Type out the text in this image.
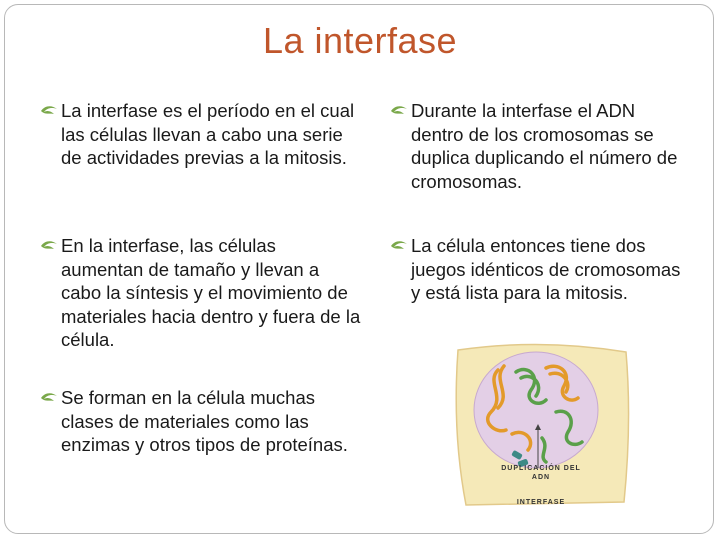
La interfase
La interfase es el período en el cual las células llevan a cabo una serie de actividades previas a la mitosis.
En la interfase, las células aumentan de tamaño y llevan a cabo la síntesis y el movimiento de materiales hacia dentro y fuera de la célula.
Se forman en la célula muchas clases de materiales como las enzimas y otros tipos de proteínas.
Durante la interfase el ADN dentro de los cromosomas se duplica duplicando el número de cromosomas.
La célula entonces tiene dos juegos idénticos de cromosomas y está lista para la mitosis.
DUPLICACIÓN DEL ADN
INTERFASE
